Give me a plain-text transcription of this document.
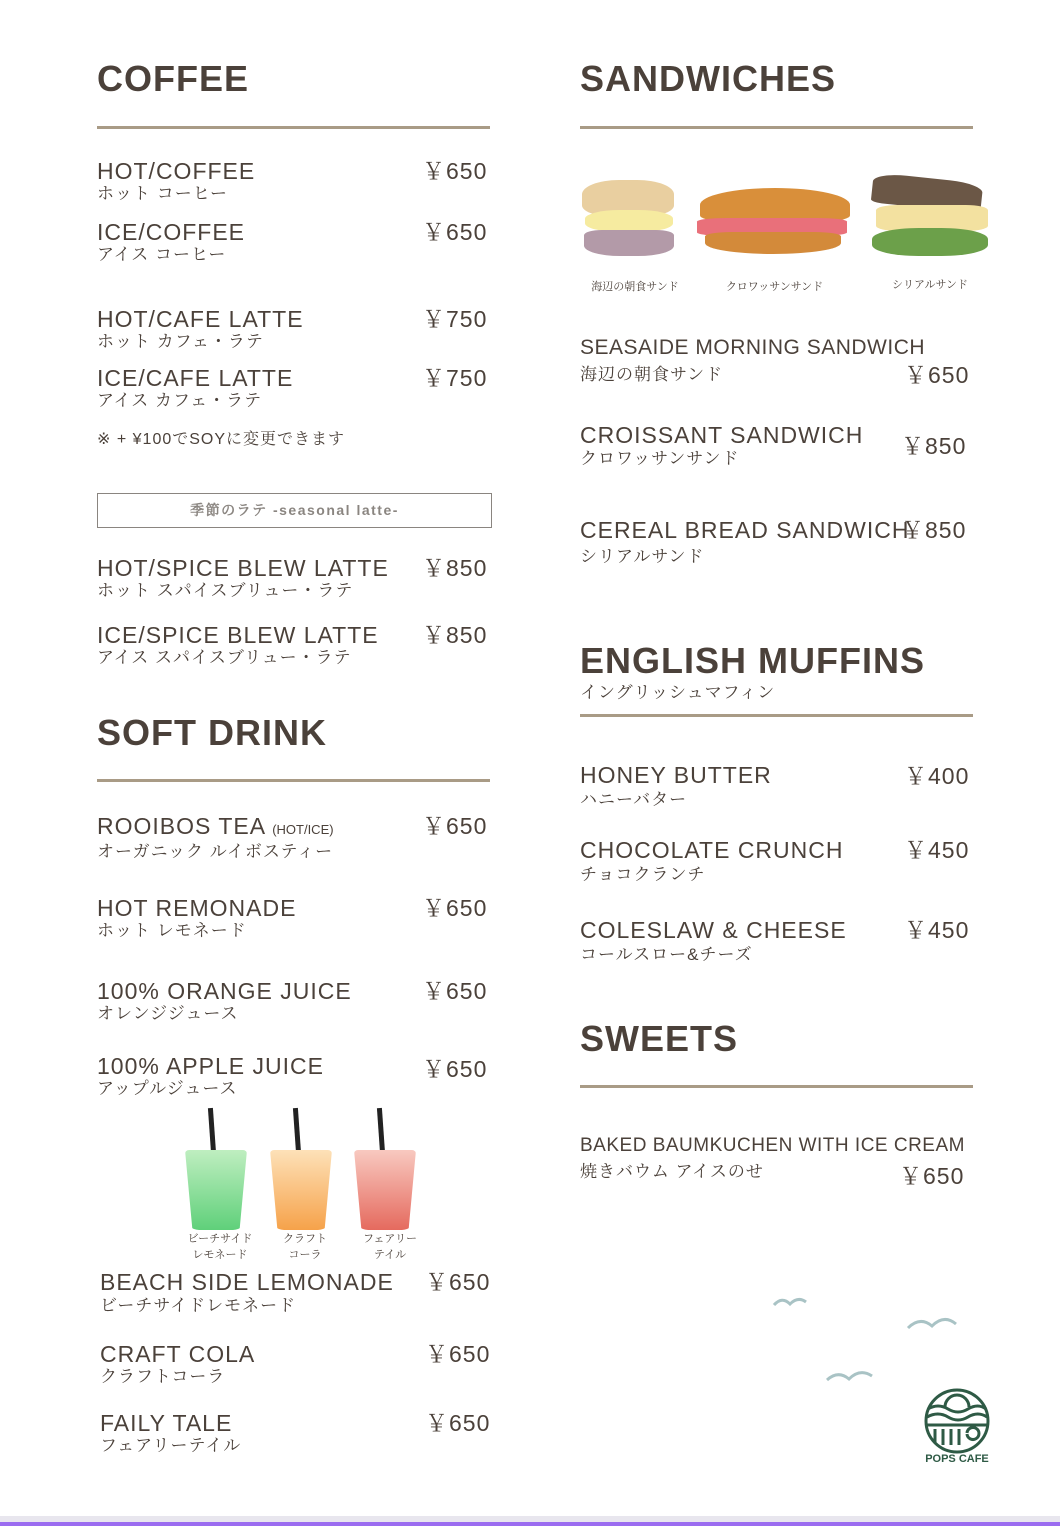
COFFEE
HOT/COFFEE
ホット コーヒー
￥650
ICE/COFFEE
アイス コーヒー
￥650
HOT/CAFE LATTE
ホット カフェ・ラテ
￥750
ICE/CAFE LATTE
アイス カフェ・ラテ
￥750
※ + ¥100でSOYに変更できます
季節のラテ -seasonal latte-
HOT/SPICE BLEW LATTE
ホット スパイスブリュー・ラテ
￥850
ICE/SPICE BLEW LATTE
アイス スパイスブリュー・ラテ
￥850
SOFT DRINK
ROOIBOS TEA (HOT/ICE)
オーガニック ルイボスティー
￥650
HOT REMONADE
ホット レモネード
￥650
100% ORANGE JUICE
オレンジジュース
￥650
100% APPLE JUICE
アップルジュース
￥650
ビーチサイド
レモネード
クラフト
コーラ
フェアリー
テイル
BEACH SIDE LEMONADE
ビーチサイドレモネード
￥650
CRAFT COLA
クラフトコーラ
￥650
FAILY TALE
フェアリーテイル
￥650
SANDWICHES
海辺の朝食サンド	クロワッサンサンド	シリアルサンド
SEASAIDE MORNING SANDWICH
海辺の朝食サンド	￥650
CROISSANT SANDWICH
クロワッサンサンド	￥850
CEREAL BREAD SANDWICH
シリアルサンド
￥850
ENGLISH MUFFINS
イングリッシュマフィン
HONEY BUTTER
ハニーバター
￥400
CHOCOLATE CRUNCH
チョコクランチ
￥450
COLESLAW & CHEESE
コールスロー&チーズ
￥450
SWEETS
BAKED BAUMKUCHEN WITH ICE CREAM
焼きバウム アイスのせ	￥650
POPS CAFE
